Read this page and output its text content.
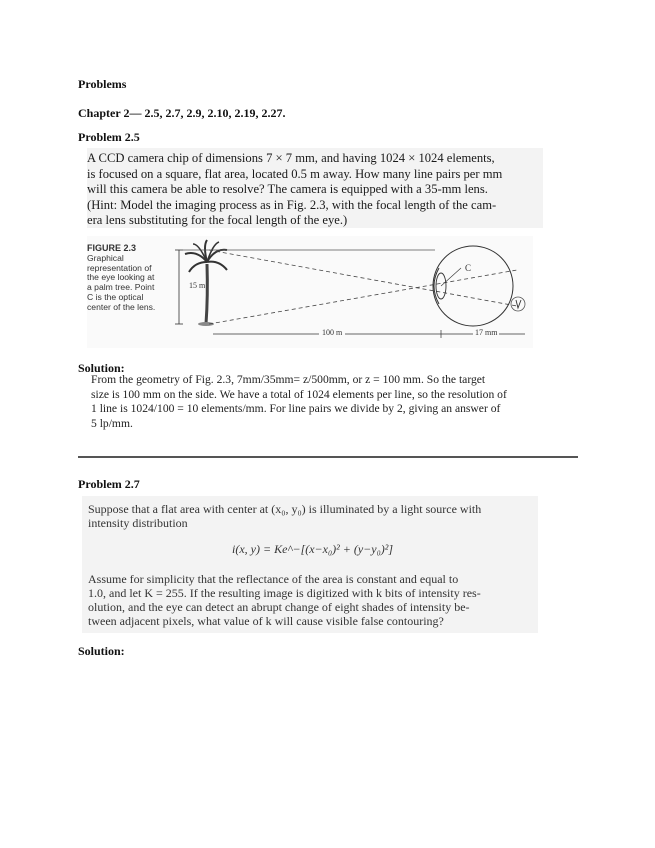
Problems
Chapter 2— 2.5, 2.7, 2.9, 2.10, 2.19, 2.27.
Problem 2.5

A CCD camera chip of dimensions 7 × 7 mm, and having 1024 × 1024 elements,

is focused on a square, flat area, located 0.5 m away. How many line pairs per mm

will this camera be able to resolve? The camera is equipped with a 35-mm lens.

(Hint: Model the imaging process as in Fig. 2.3, with the focal length of the cam-

era lens substituting for the focal length of the eye.)

FIGURE 2.3
Graphical
representation of
the eye looking at
a palm tree. Point
C is the optical
center of the lens.
15 m
100 m	17 mm
C
Solution:
From the geometry of Fig. 2.3, 7mm/35mm= z/500mm, or z = 100 mm. So the target
size is 100 mm on the side. We have a total of 1024 elements per line, so the resolution of
1 line is 1024/100 = 10 elements/mm. For line pairs we divide by 2, giving an answer of
5 lp/mm.
Problem 2.7
Suppose that a flat area with center at (x₀, y₀) is illuminated by a light source with
intensity distribution
i(x, y) = Ke^−[(x−x₀)² + (y−y₀)²]
Assume for simplicity that the reflectance of the area is constant and equal to
1.0, and let K = 255. If the resulting image is digitized with k bits of intensity res-
olution, and the eye can detect an abrupt change of eight shades of intensity be-
tween adjacent pixels, what value of k will cause visible false contouring?
Solution:
